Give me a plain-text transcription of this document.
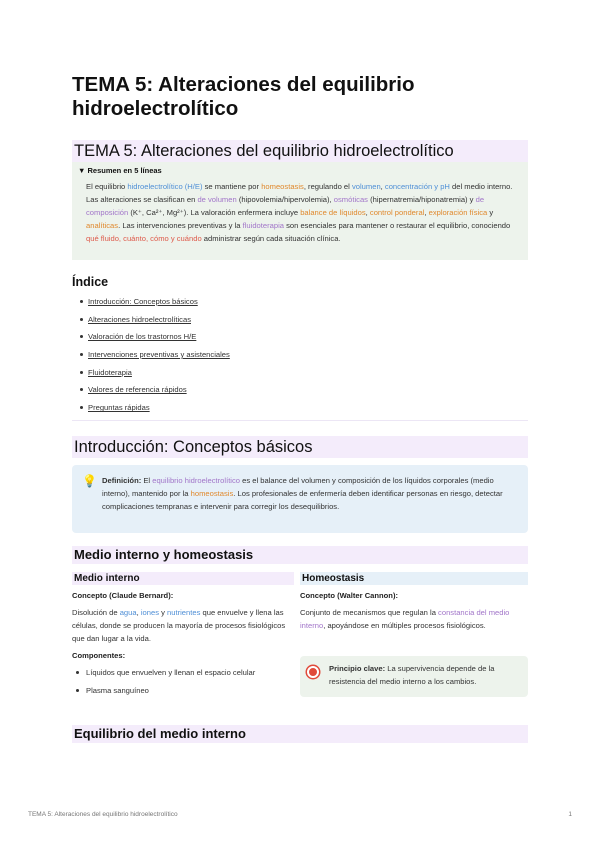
TEMA 5: Alteraciones del equilibrio hidroelectrolítico
TEMA 5: Alteraciones del equilibrio hidroelectrolítico
▼ Resumen en 5 líneas
El equilibrio hidroelectrolítico (H/E) se mantiene por homeostasis, regulando el volumen, concentración y pH del medio interno. Las alteraciones se clasifican en de volumen (hipovolemia/hipervolemia), osmóticas (hipernatremia/hiponatremia) y de composición (K⁺, Ca²⁺, Mg²⁺). La valoración enfermera incluye balance de líquidos, control ponderal, exploración física y analíticas. Las intervenciones preventivas y la fluidoterapia son esenciales para mantener o restaurar el equilibrio, conociendo qué fluido, cuánto, cómo y cuándo administrar según cada situación clínica.
Índice
Introducción: Conceptos básicos
Alteraciones hidroelectrolíticas
Valoración de los trastornos H/E
Intervenciones preventivas y asistenciales
Fluidoterapia
Valores de referencia rápidos
Preguntas rápidas
Introducción: Conceptos básicos
💡 Definición: El equilibrio hidroelectrolítico es el balance del volumen y composición de los líquidos corporales (medio interno), mantenido por la homeostasis. Los profesionales de enfermería deben identificar personas en riesgo, detectar complicaciones tempranas e intervenir para corregir los desequilibrios.
Medio interno y homeostasis
Medio interno	Homeostasis
Concepto (Claude Bernard):	Concepto (Walter Cannon):
Disolución de agua, iones y nutrientes que envuelve y llena las células, donde se producen la mayoría de procesos fisiológicos que dan lugar a la vida.
Conjunto de mecanismos que regulan la constancia del medio interno, apoyándose en múltiples procesos fisiológicos.
Componentes:
Líquidos que envuelven y llenan el espacio celular
Plasma sanguíneo
Principio clave: La supervivencia depende de la resistencia del medio interno a los cambios.
Equilibrio del medio interno
TEMA 5: Alteraciones del equilibrio hidroelectrolítico	1
